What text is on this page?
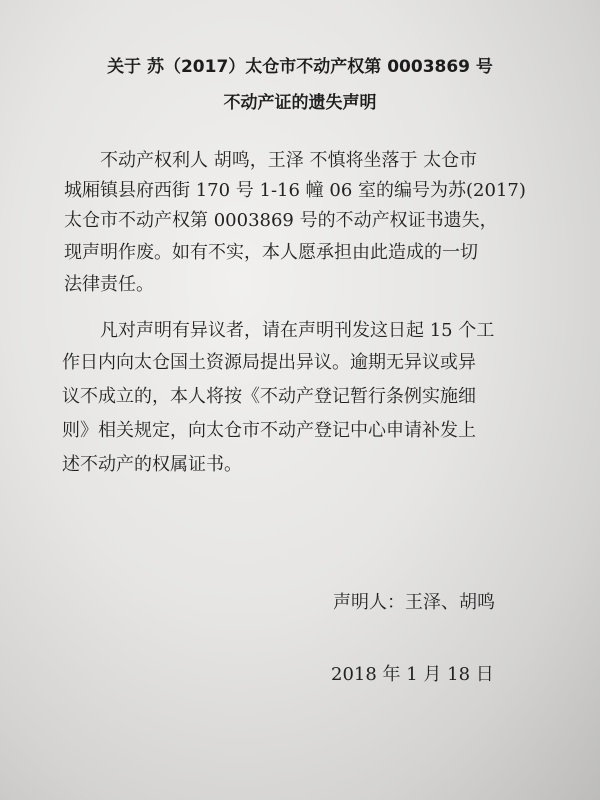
关于 苏（2017）太仓市不动产权第 0003869 号
不动产证的遗失声明
不动产权利人 胡鸣，王泽 不慎将坐落于 太仓市
城厢镇县府西街 170 号 1-16 幢 06 室的编号为苏(2017)
太仓市不动产权第 0003869 号的不动产权证书遗失，
现声明作废。如有不实，本人愿承担由此造成的一切
法律责任。
凡对声明有异议者，请在声明刊发这日起 15 个工
作日内向太仓国土资源局提出异议。逾期无异议或异
议不成立的，本人将按《不动产登记暂行条例实施细
则》相关规定，向太仓市不动产登记中心申请补发上
述不动产的权属证书。
声明人：王泽、胡鸣
2018 年 1 月 18 日
